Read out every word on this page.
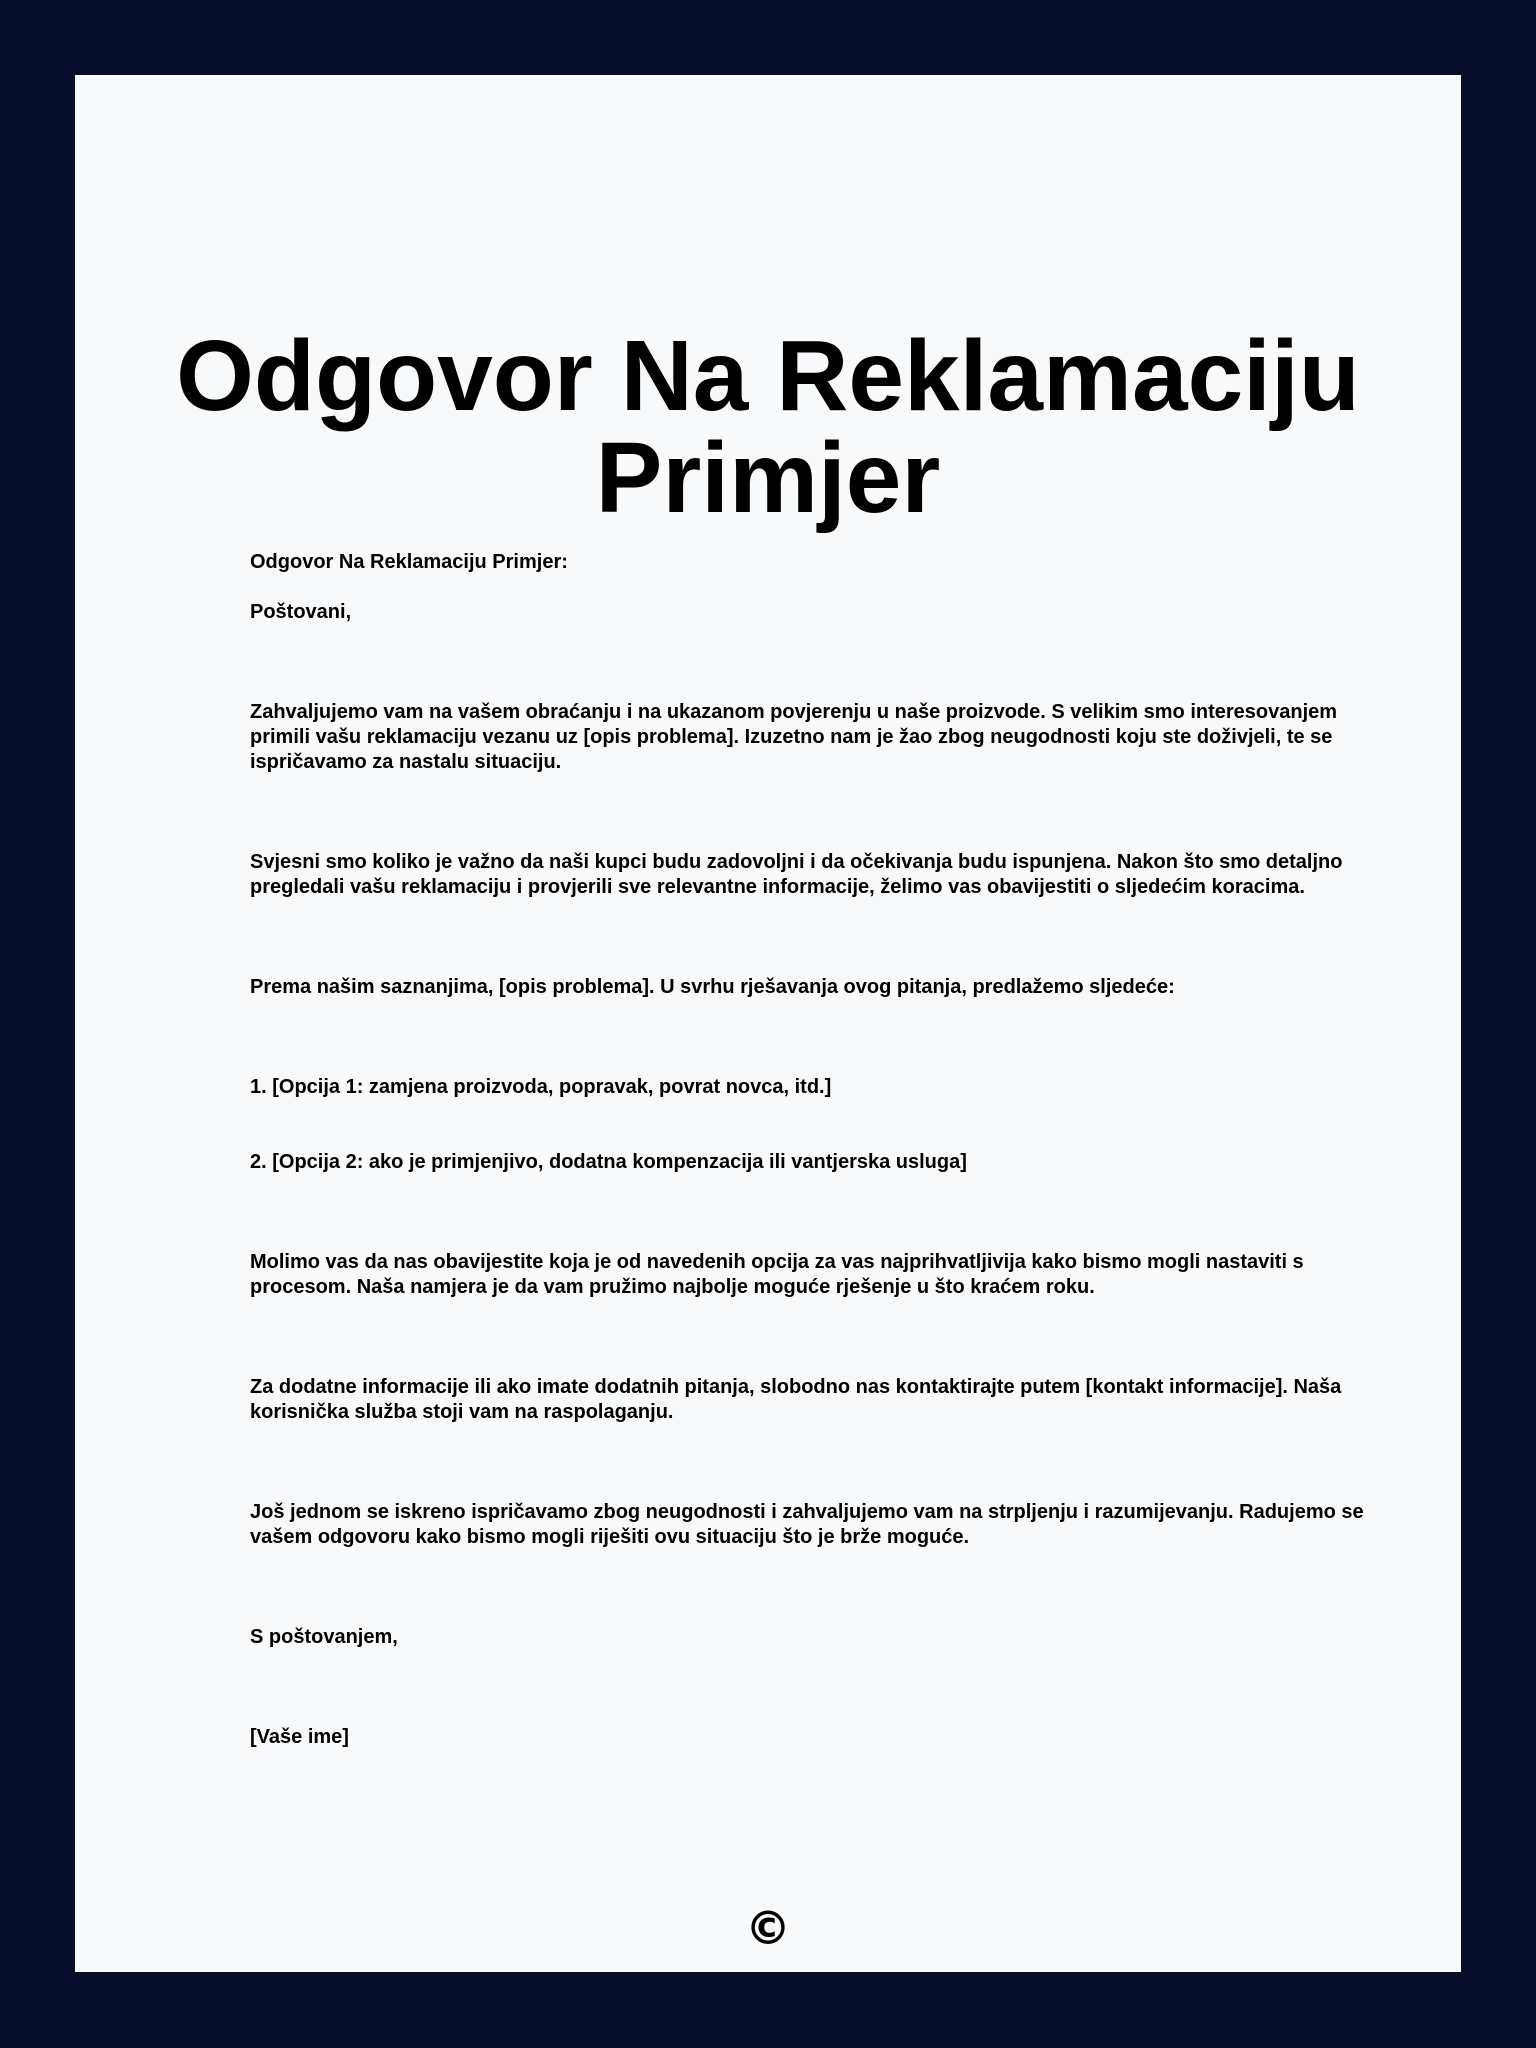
Odgovor Na Reklamaciju Primjer

Odgovor Na Reklamaciju Primjer:

Poštovani,

Zahvaljujemo vam na vašem obraćanju i na ukazanom povjerenju u naše proizvode. S velikim smo interesovanjem primili vašu reklamaciju vezanu uz [opis problema]. Izuzetno nam je žao zbog neugodnosti koju ste doživjeli, te se ispričavamo za nastalu situaciju.

Svjesni smo koliko je važno da naši kupci budu zadovoljni i da očekivanja budu ispunjena. Nakon što smo detaljno pregledali vašu reklamaciju i provjerili sve relevantne informacije, želimo vas obavijestiti o sljedećim koracima.

Prema našim saznanjima, [opis problema]. U svrhu rješavanja ovog pitanja, predlažemo sljedeće:

1. [Opcija 1: zamjena proizvoda, popravak, povrat novca, itd.]

2. [Opcija 2: ako je primjenjivo, dodatna kompenzacija ili vantjerska usluga]

Molimo vas da nas obavijestite koja je od navedenih opcija za vas najprihvatljivija kako bismo mogli nastaviti s procesom. Naša namjera je da vam pružimo najbolje moguće rješenje u što kraćem roku.

Za dodatne informacije ili ako imate dodatnih pitanja, slobodno nas kontaktirajte putem [kontakt informacije]. Naša korisnička služba stoji vam na raspolaganju.

Još jednom se iskreno ispričavamo zbog neugodnosti i zahvaljujemo vam na strpljenju i razumijevanju. Radujemo se vašem odgovoru kako bismo mogli riješiti ovu situaciju što je brže moguće.

S poštovanjem,

[Vaše ime]

©
